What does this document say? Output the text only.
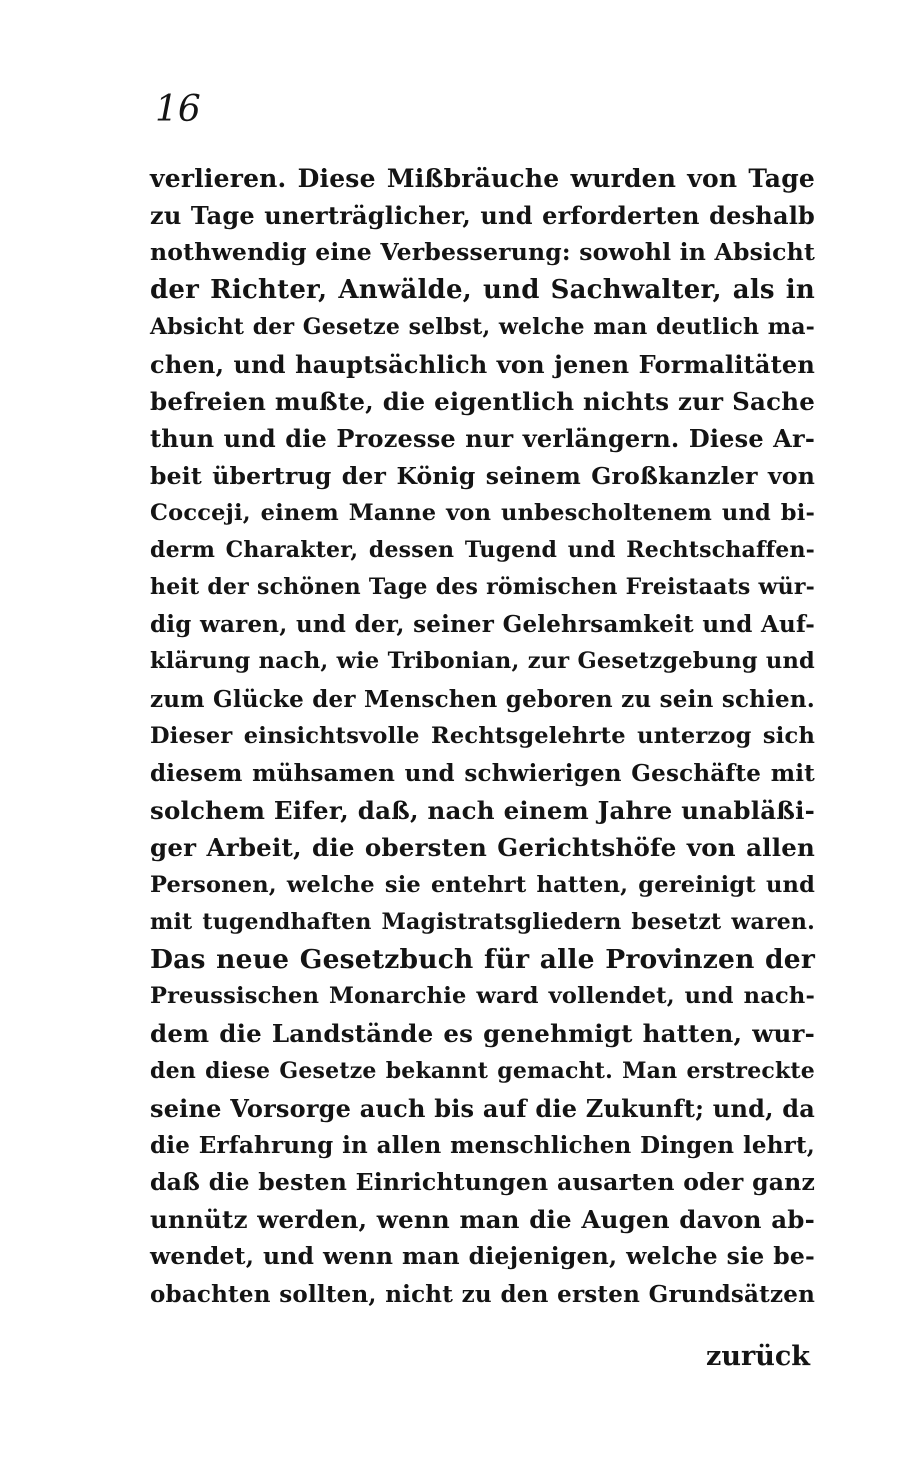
16
verlieren. Diese Mißbräuche wurden von Tage
zu Tage unerträglicher, und erforderten deshalb
nothwendig eine Verbesserung: sowohl in Absicht
der Richter, Anwälde, und Sachwalter, als in
Absicht der Gesetze selbst, welche man deutlich ma-
chen, und hauptsächlich von jenen Formalitäten
befreien mußte, die eigentlich nichts zur Sache
thun und die Prozesse nur verlängern. Diese Ar-
beit übertrug der König seinem Großkanzler von
Cocceji, einem Manne von unbescholtenem und bi-
derm Charakter, dessen Tugend und Rechtschaffen-
heit der schönen Tage des römischen Freistaats wür-
dig waren, und der, seiner Gelehrsamkeit und Auf-
klärung nach, wie Tribonian, zur Gesetzgebung und
zum Glücke der Menschen geboren zu sein schien.
Dieser einsichtsvolle Rechtsgelehrte unterzog sich
diesem mühsamen und schwierigen Geschäfte mit
solchem Eifer, daß, nach einem Jahre unabläßi-
ger Arbeit, die obersten Gerichtshöfe von allen
Personen, welche sie entehrt hatten, gereinigt und
mit tugendhaften Magistratsgliedern besetzt waren.
Das neue Gesetzbuch für alle Provinzen der
Preussischen Monarchie ward vollendet, und nach-
dem die Landstände es genehmigt hatten, wur-
den diese Gesetze bekannt gemacht. Man erstreckte
seine Vorsorge auch bis auf die Zukunft; und, da
die Erfahrung in allen menschlichen Dingen lehrt,
daß die besten Einrichtungen ausarten oder ganz
unnütz werden, wenn man die Augen davon ab-
wendet, und wenn man diejenigen, welche sie be-
obachten sollten, nicht zu den ersten Grundsätzen
zurück
